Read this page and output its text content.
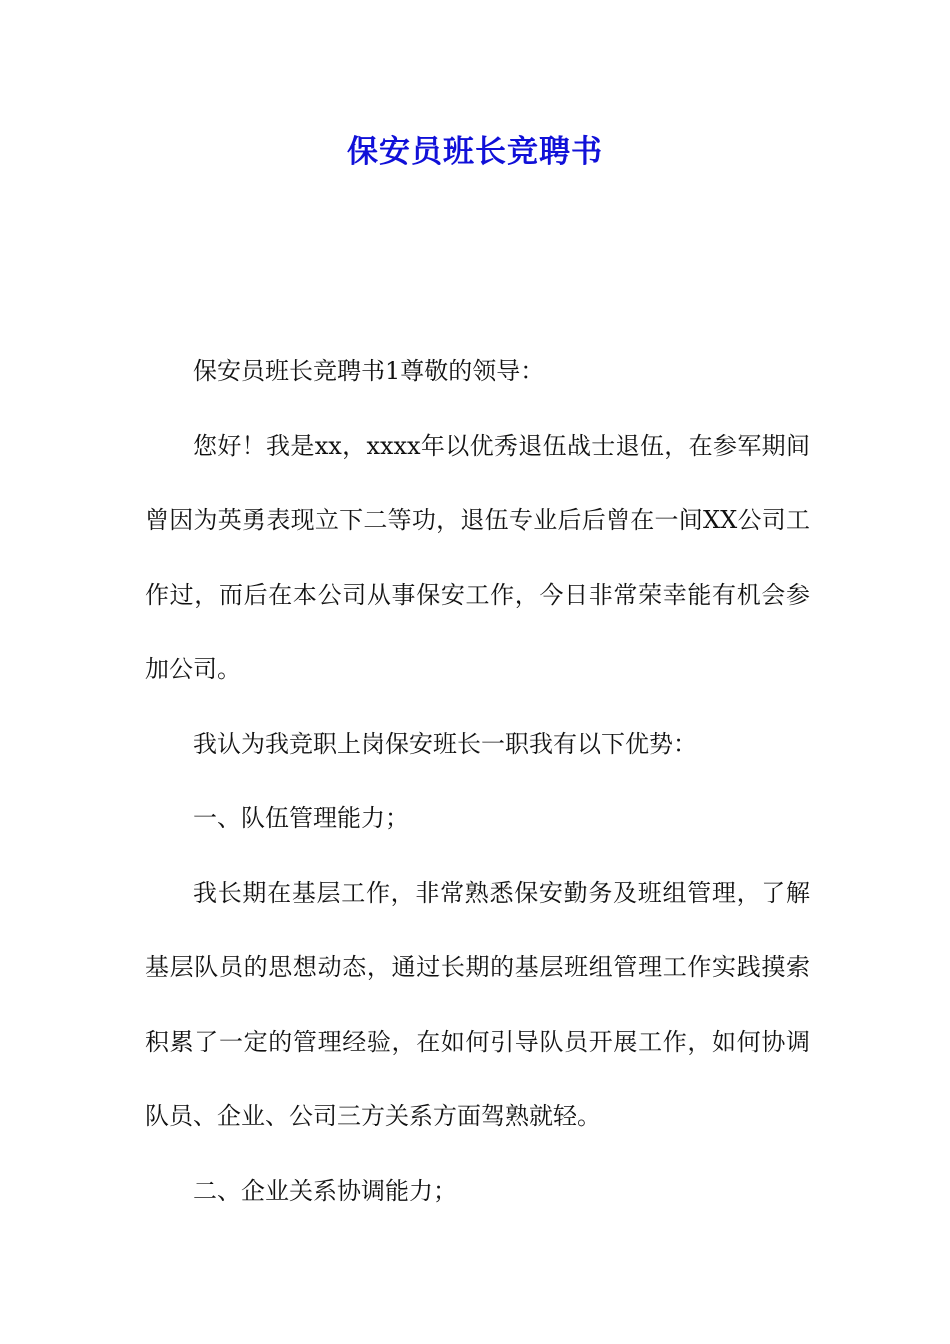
保安员班长竞聘书

保安员班长竞聘书1尊敬的领导：

您好！我是xx，xxxx年以优秀退伍战士退伍，在参军期间曾因为英勇表现立下二等功，退伍专业后后曾在一间XX公司工作过，而后在本公司从事保安工作，今日非常荣幸能有机会参加公司。

我认为我竞职上岗保安班长一职我有以下优势：

一、队伍管理能力；

我长期在基层工作，非常熟悉保安勤务及班组管理，了解基层队员的思想动态，通过长期的基层班组管理工作实践摸索积累了一定的管理经验，在如何引导队员开展工作，如何协调队员、企业、公司三方关系方面驾熟就轻。

二、企业关系协调能力；
